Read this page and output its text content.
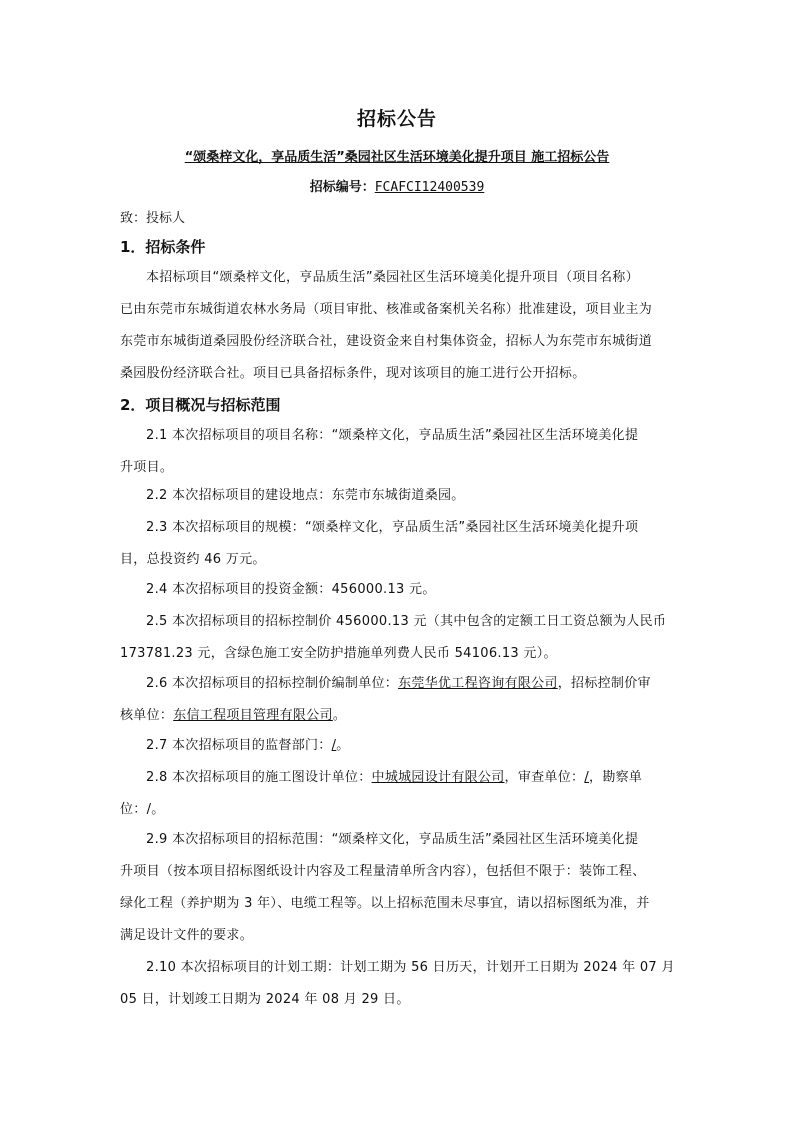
招标公告
“颂桑梓文化，享品质生活”桑园社区生活环境美化提升项目 施工招标公告
招标编号：FCAFCI12400539
致：投标人
1．招标条件
本招标项目“颂桑梓文化，亨品质生活”桑园社区生活环境美化提升项目（项目名称）
已由东莞市东城街道农林水务局（项目审批、核准或备案机关名称）批准建设，项目业主为
东莞市东城街道桑园股份经济联合社，建设资金来自村集体资金，招标人为东莞市东城街道
桑园股份经济联合社。项目已具备招标条件，现对该项目的施工进行公开招标。
2．项目概况与招标范围
2.1 本次招标项目的项目名称：“颂桑梓文化，亨品质生活”桑园社区生活环境美化提
升项目。
2.2 本次招标项目的建设地点：东莞市东城街道桑园。
2.3 本次招标项目的规模：“颂桑梓文化，亨品质生活”桑园社区生活环境美化提升项
目，总投资约 46 万元。
2.4 本次招标项目的投资金额：456000.13 元。
2.5 本次招标项目的招标控制价 456000.13 元（其中包含的定额工日工资总额为人民币
173781.23 元，含绿色施工安全防护措施单列费人民币 54106.13 元）。
2.6 本次招标项目的招标控制价编制单位：东莞华优工程咨询有限公司，招标控制价审
核单位：东信工程项目管理有限公司。
2.7 本次招标项目的监督部门：/。
2.8 本次招标项目的施工图设计单位：中城城园设计有限公司，审查单位：/，勘察单
位：/。
2.9 本次招标项目的招标范围：“颂桑梓文化，亨品质生活”桑园社区生活环境美化提
升项目（按本项目招标图纸设计内容及工程量清单所含内容），包括但不限于：装饰工程、
绿化工程（养护期为 3 年）、电缆工程等。以上招标范围未尽事宜，请以招标图纸为准，并
满足设计文件的要求。
2.10 本次招标项目的计划工期：计划工期为 56 日历天，计划开工日期为 2024 年 07 月
05 日，计划竣工日期为 2024 年 08 月 29 日。
